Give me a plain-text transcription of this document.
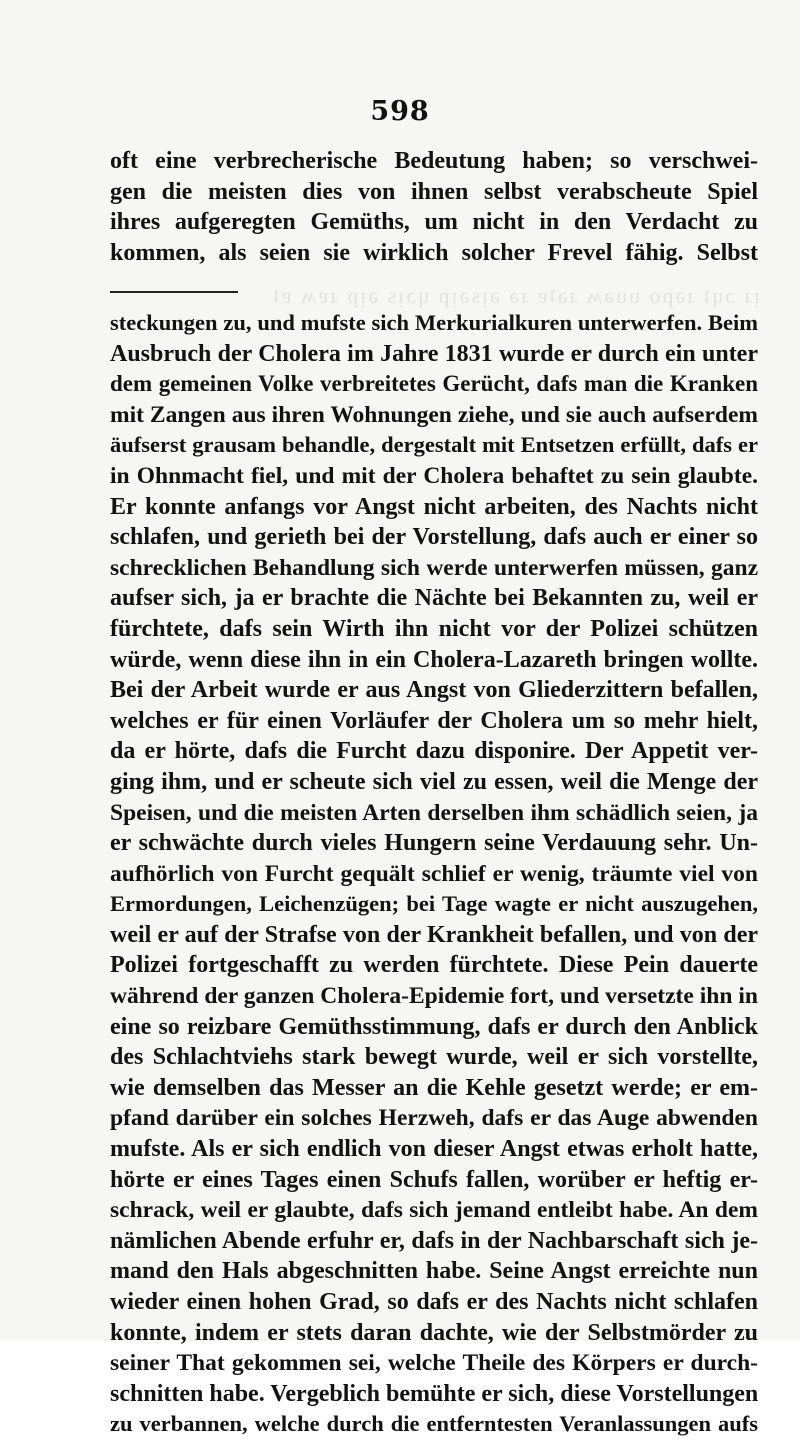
598
oft eine verbrecherische Bedeutung haben; so verschwei-
gen die meisten dies von ihnen selbst verabscheute Spiel
ihres aufgeregten Gemüths, um nicht in den Verdacht zu
kommen, als seien sie wirklich solcher Frevel fähig. Selbst
ᴉɹ ɔɥʇ ɹǝpo uuǝʍ ɹǝʇɐ ɹǝ ǝᴉsǝᴉp ɥɔᴉs ǝᴉp ɹɐʍ ɐʇ
steckungen zu, und mufste sich Merkurialkuren unterwerfen. Beim
Ausbruch der Cholera im Jahre 1831 wurde er durch ein unter
dem gemeinen Volke verbreitetes Gerücht, dafs man die Kranken
mit Zangen aus ihren Wohnungen ziehe, und sie auch aufserdem
äufserst grausam behandle, dergestalt mit Entsetzen erfüllt, dafs er
in Ohnmacht fiel, und mit der Cholera behaftet zu sein glaubte.
Er konnte anfangs vor Angst nicht arbeiten, des Nachts nicht
schlafen, und gerieth bei der Vorstellung, dafs auch er einer so
schrecklichen Behandlung sich werde unterwerfen müssen, ganz
aufser sich, ja er brachte die Nächte bei Bekannten zu, weil er
fürchtete, dafs sein Wirth ihn nicht vor der Polizei schützen
würde, wenn diese ihn in ein Cholera-Lazareth bringen wollte.
Bei der Arbeit wurde er aus Angst von Gliederzittern befallen,
welches er für einen Vorläufer der Cholera um so mehr hielt,
da er hörte, dafs die Furcht dazu disponire. Der Appetit ver-
ging ihm, und er scheute sich viel zu essen, weil die Menge der
Speisen, und die meisten Arten derselben ihm schädlich seien, ja
er schwächte durch vieles Hungern seine Verdauung sehr. Un-
aufhörlich von Furcht gequält schlief er wenig, träumte viel von
Ermordungen, Leichenzügen; bei Tage wagte er nicht auszugehen,
weil er auf der Strafse von der Krankheit befallen, und von der
Polizei fortgeschafft zu werden fürchtete. Diese Pein dauerte
während der ganzen Cholera-Epidemie fort, und versetzte ihn in
eine so reizbare Gemüthsstimmung, dafs er durch den Anblick
des Schlachtviehs stark bewegt wurde, weil er sich vorstellte,
wie demselben das Messer an die Kehle gesetzt werde; er em-
pfand darüber ein solches Herzweh, dafs er das Auge abwenden
mufste. Als er sich endlich von dieser Angst etwas erholt hatte,
hörte er eines Tages einen Schufs fallen, worüber er heftig er-
schrack, weil er glaubte, dafs sich jemand entleibt habe. An dem
nämlichen Abende erfuhr er, dafs in der Nachbarschaft sich je-
mand den Hals abgeschnitten habe. Seine Angst erreichte nun
wieder einen hohen Grad, so dafs er des Nachts nicht schlafen
konnte, indem er stets daran dachte, wie der Selbstmörder zu
seiner That gekommen sei, welche Theile des Körpers er durch-
schnitten habe. Vergeblich bemühte er sich, diese Vorstellungen
zu verbannen, welche durch die entferntesten Veranlassungen aufs
